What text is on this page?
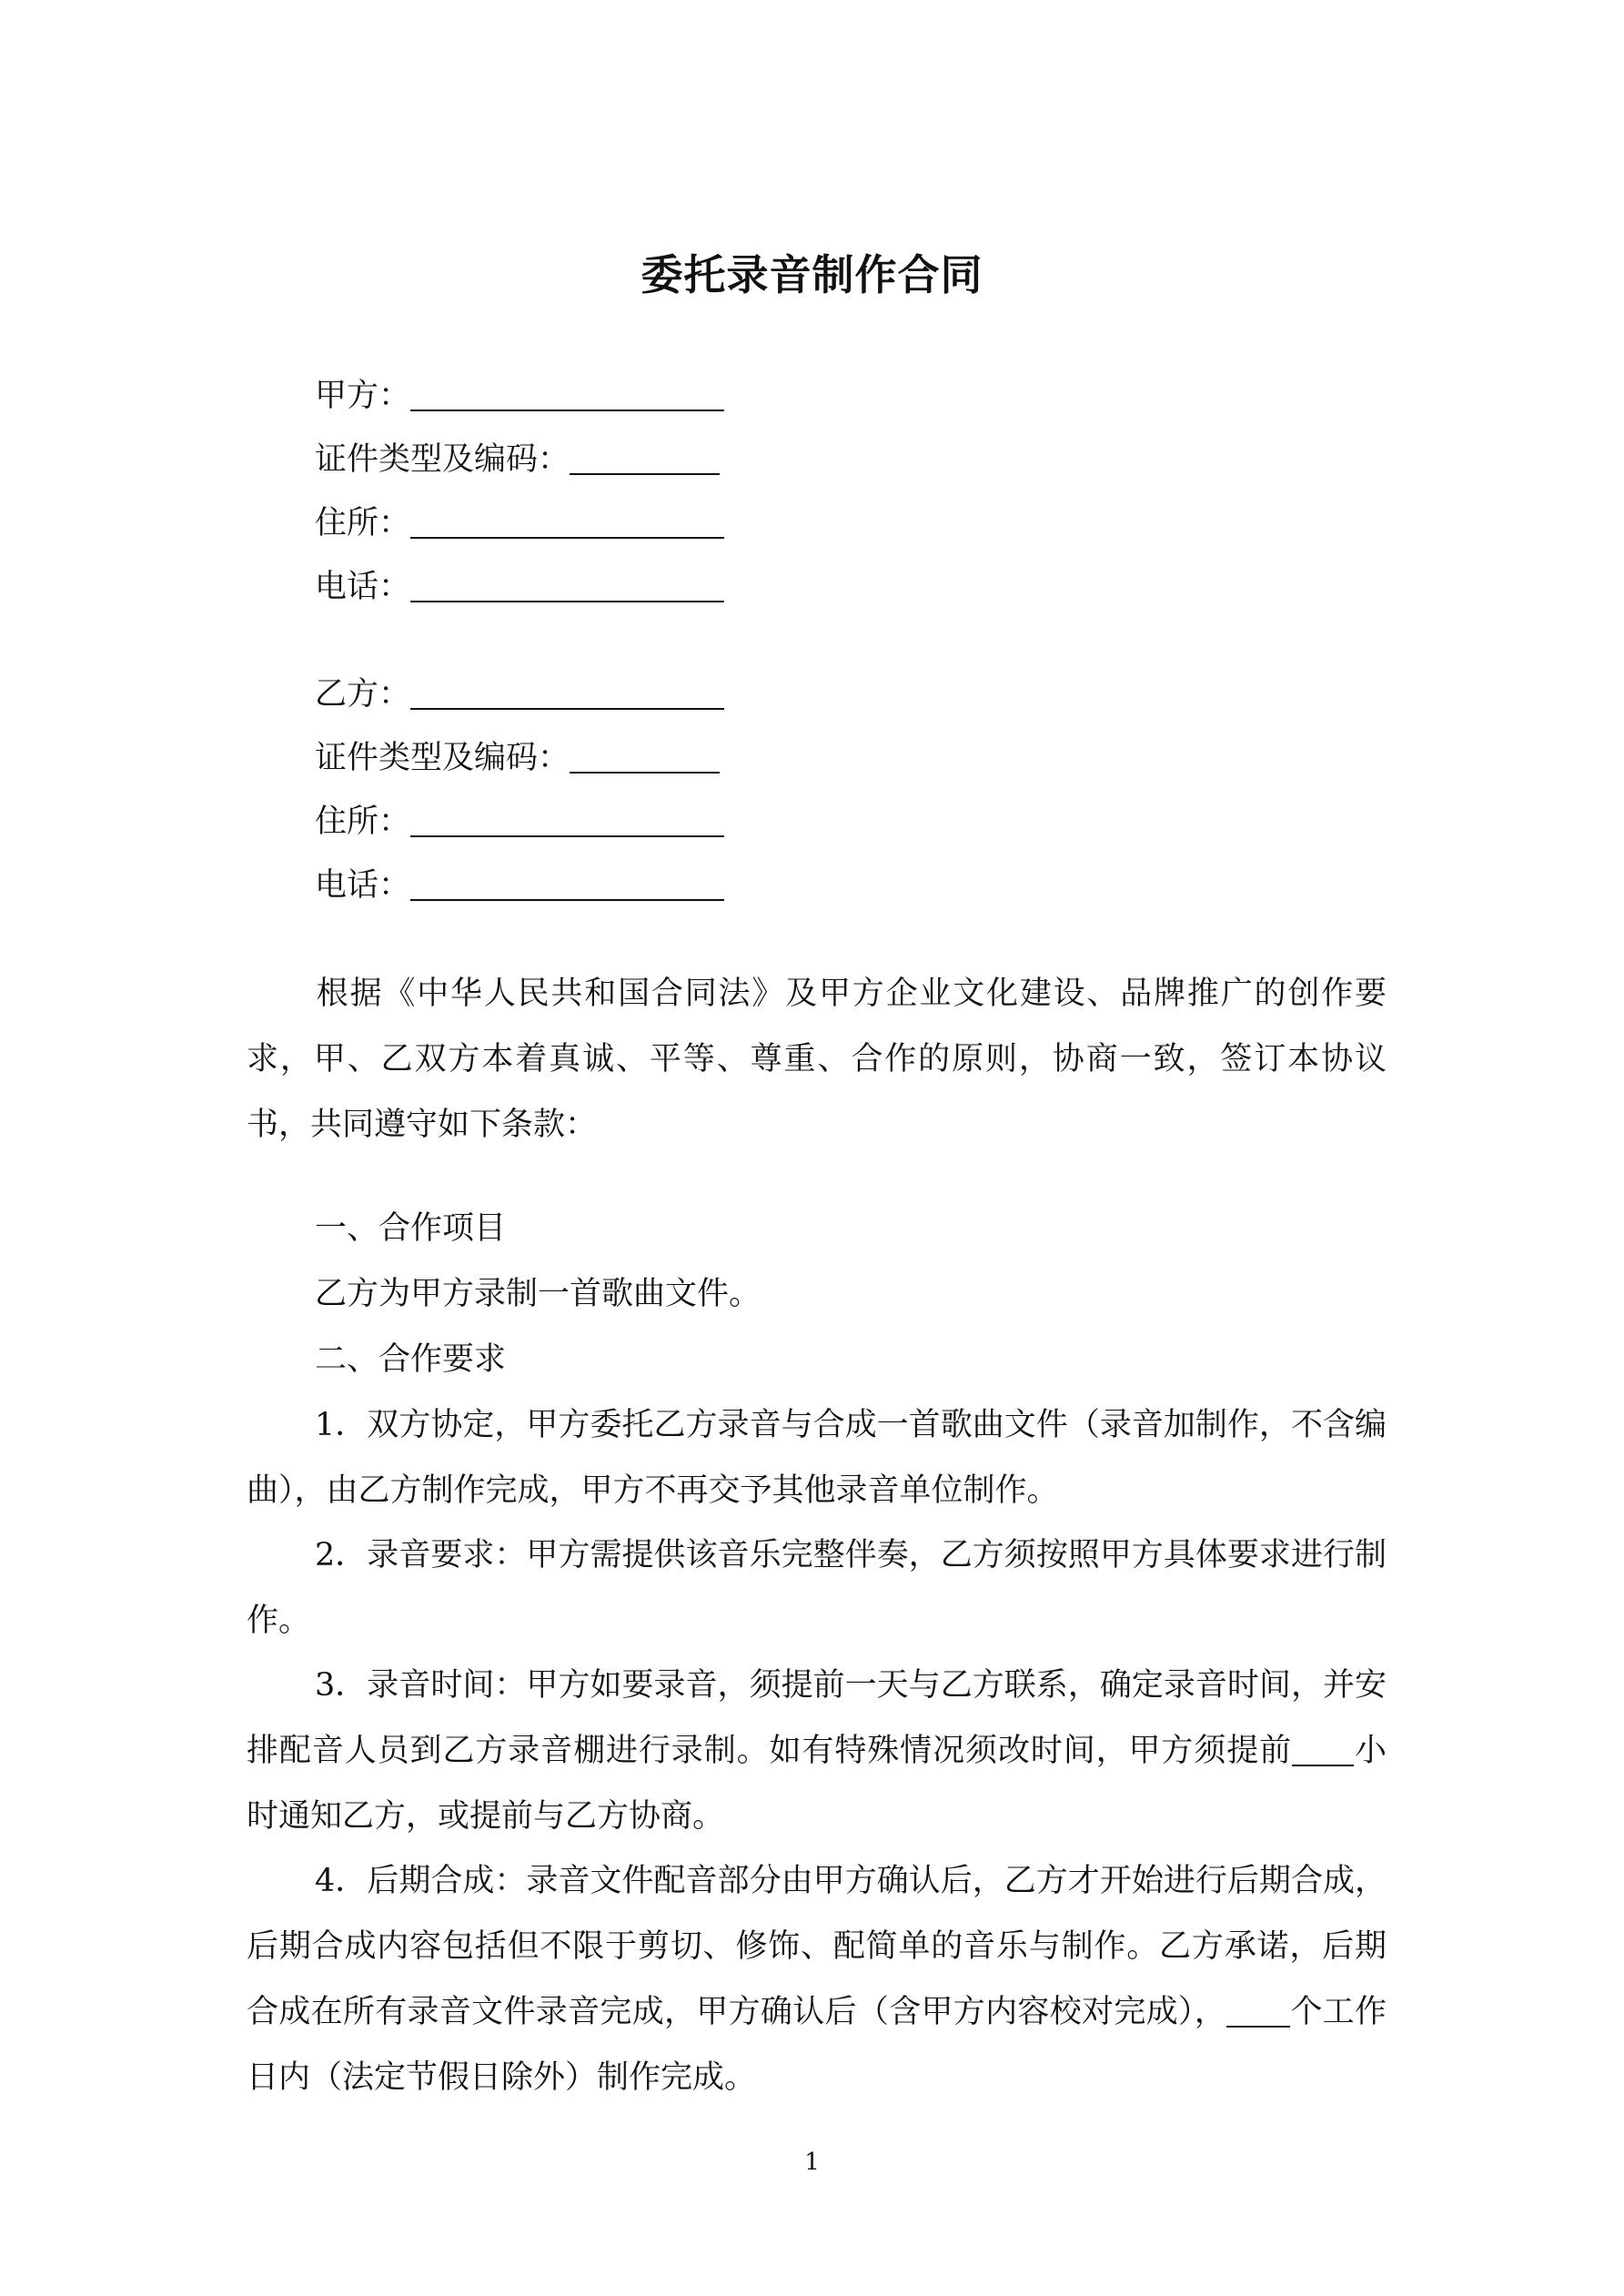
委托录音制作合同
甲方：
证件类型及编码：
住所：
电话：
乙方：
证件类型及编码：
住所：
电话：
根据《中华人民共和国合同法》及甲方企业文化建设、品牌推广的创作要求，甲、乙双方本着真诚、平等、尊重、合作的原则，协商一致，签订本协议书，共同遵守如下条款：
一、合作项目
乙方为甲方录制一首歌曲文件。
二、合作要求
1．双方协定，甲方委托乙方录音与合成一首歌曲文件（录音加制作，不含编曲），由乙方制作完成，甲方不再交予其他录音单位制作。
2．录音要求：甲方需提供该音乐完整伴奏，乙方须按照甲方具体要求进行制作。
3．录音时间：甲方如要录音，须提前一天与乙方联系，确定录音时间，并安排配音人员到乙方录音棚进行录制。如有特殊情况须改时间，甲方须提前 小时通知乙方，或提前与乙方协商。
4．后期合成：录音文件配音部分由甲方确认后，乙方才开始进行后期合成，后期合成内容包括但不限于剪切、修饰、配简单的音乐与制作。乙方承诺，后期合成在所有录音文件录音完成，甲方确认后（含甲方内容校对完成）， 个工作日内（法定节假日除外）制作完成。
1
